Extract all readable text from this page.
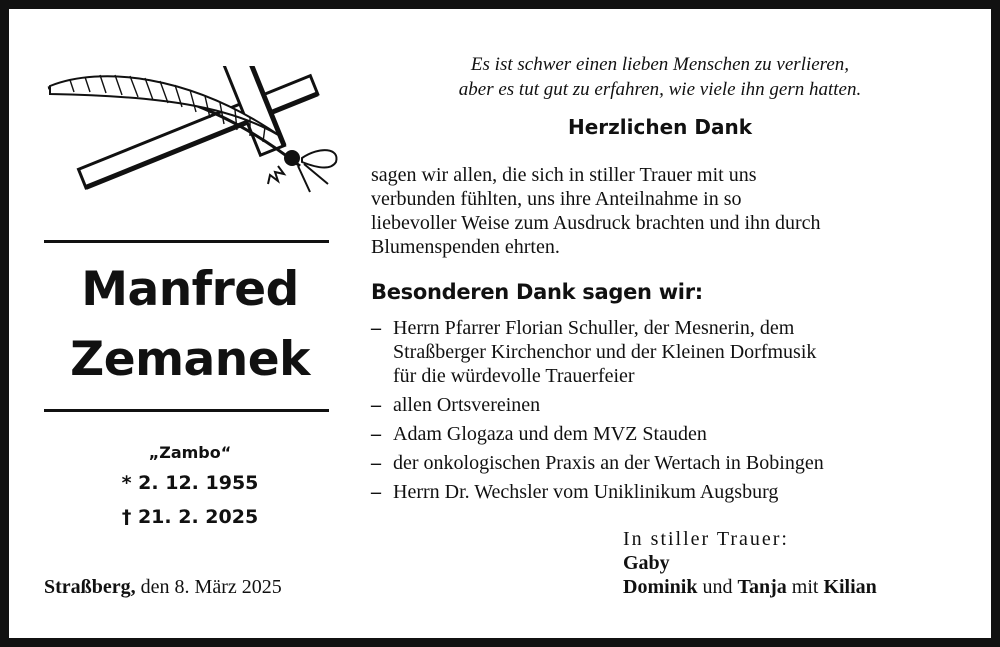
Manfred
Zemanek
„Zambo“
* 2. 12. 1955
† 21. 2. 2025
Straßberg, den 8. März 2025
Es ist schwer einen lieben Menschen zu verlieren,
aber es tut gut zu erfahren, wie viele ihn gern hatten.
Herzlichen Dank
sagen wir allen, die sich in stiller Trauer mit uns
verbunden fühlten, uns ihre Anteilnahme in so
liebevoller Weise zum Ausdruck brachten und ihn durch
Blumenspenden ehrten.
Besonderen Dank sagen wir:
– Herrn Pfarrer Florian Schuller, der Mesnerin, dem
Straßberger Kirchenchor und der Kleinen Dorfmusik
für die würdevolle Trauerfeier
– allen Ortsvereinen
– Adam Glogaza und dem MVZ Stauden
– der onkologischen Praxis an der Wertach in Bobingen
– Herrn Dr. Wechsler vom Uniklinikum Augsburg
In stiller Trauer:
Gaby
Dominik und Tanja mit Kilian
